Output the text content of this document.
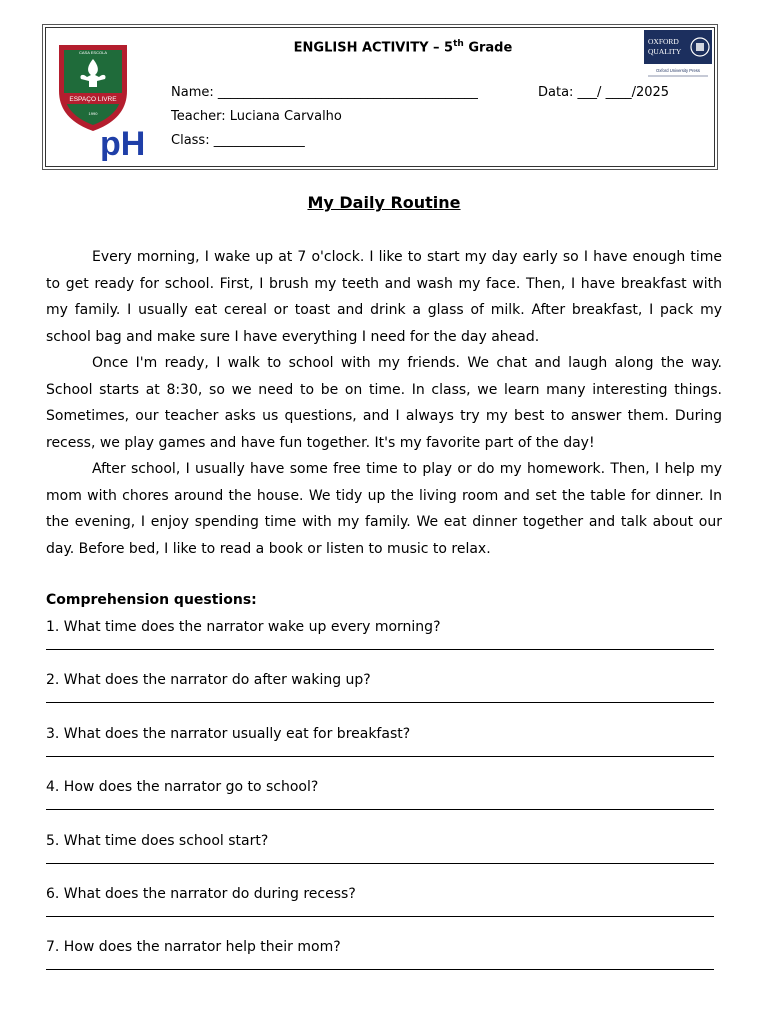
ESPAÇO LIVRE
CASA ESCOLA
1990
pH
OXFORD
QUALITY
Oxford University Press
ENGLISH ACTIVITY – 5th Grade
Name: ________________________________________	Data: ___/ ____/2025
Teacher: Luciana Carvalho
Class: ______________
My Daily Routine

Every morning, I wake up at 7 o'clock. I like to start my day early so I have enough time to get ready for school. First, I brush my teeth and wash my face. Then, I have breakfast with my family. I usually eat cereal or toast and drink a glass of milk. After breakfast, I pack my school bag and make sure I have everything I need for the day ahead.

Once I'm ready, I walk to school with my friends. We chat and laugh along the way. School starts at 8:30, so we need to be on time. In class, we learn many interesting things. Sometimes, our teacher asks us questions, and I always try my best to answer them. During recess, we play games and have fun together. It's my favorite part of the day!

After school, I usually have some free time to play or do my homework. Then, I help my mom with chores around the house. We tidy up the living room and set the table for dinner. In the evening, I enjoy spending time with my family. We eat dinner together and talk about our day. Before bed, I like to read a book or listen to music to relax.

Comprehension questions:
1. What time does the narrator wake up every morning?
2. What does the narrator do after waking up?
3. What does the narrator usually eat for breakfast?
4. How does the narrator go to school?
5. What time does school start?
6. What does the narrator do during recess?
7. How does the narrator help their mom?
